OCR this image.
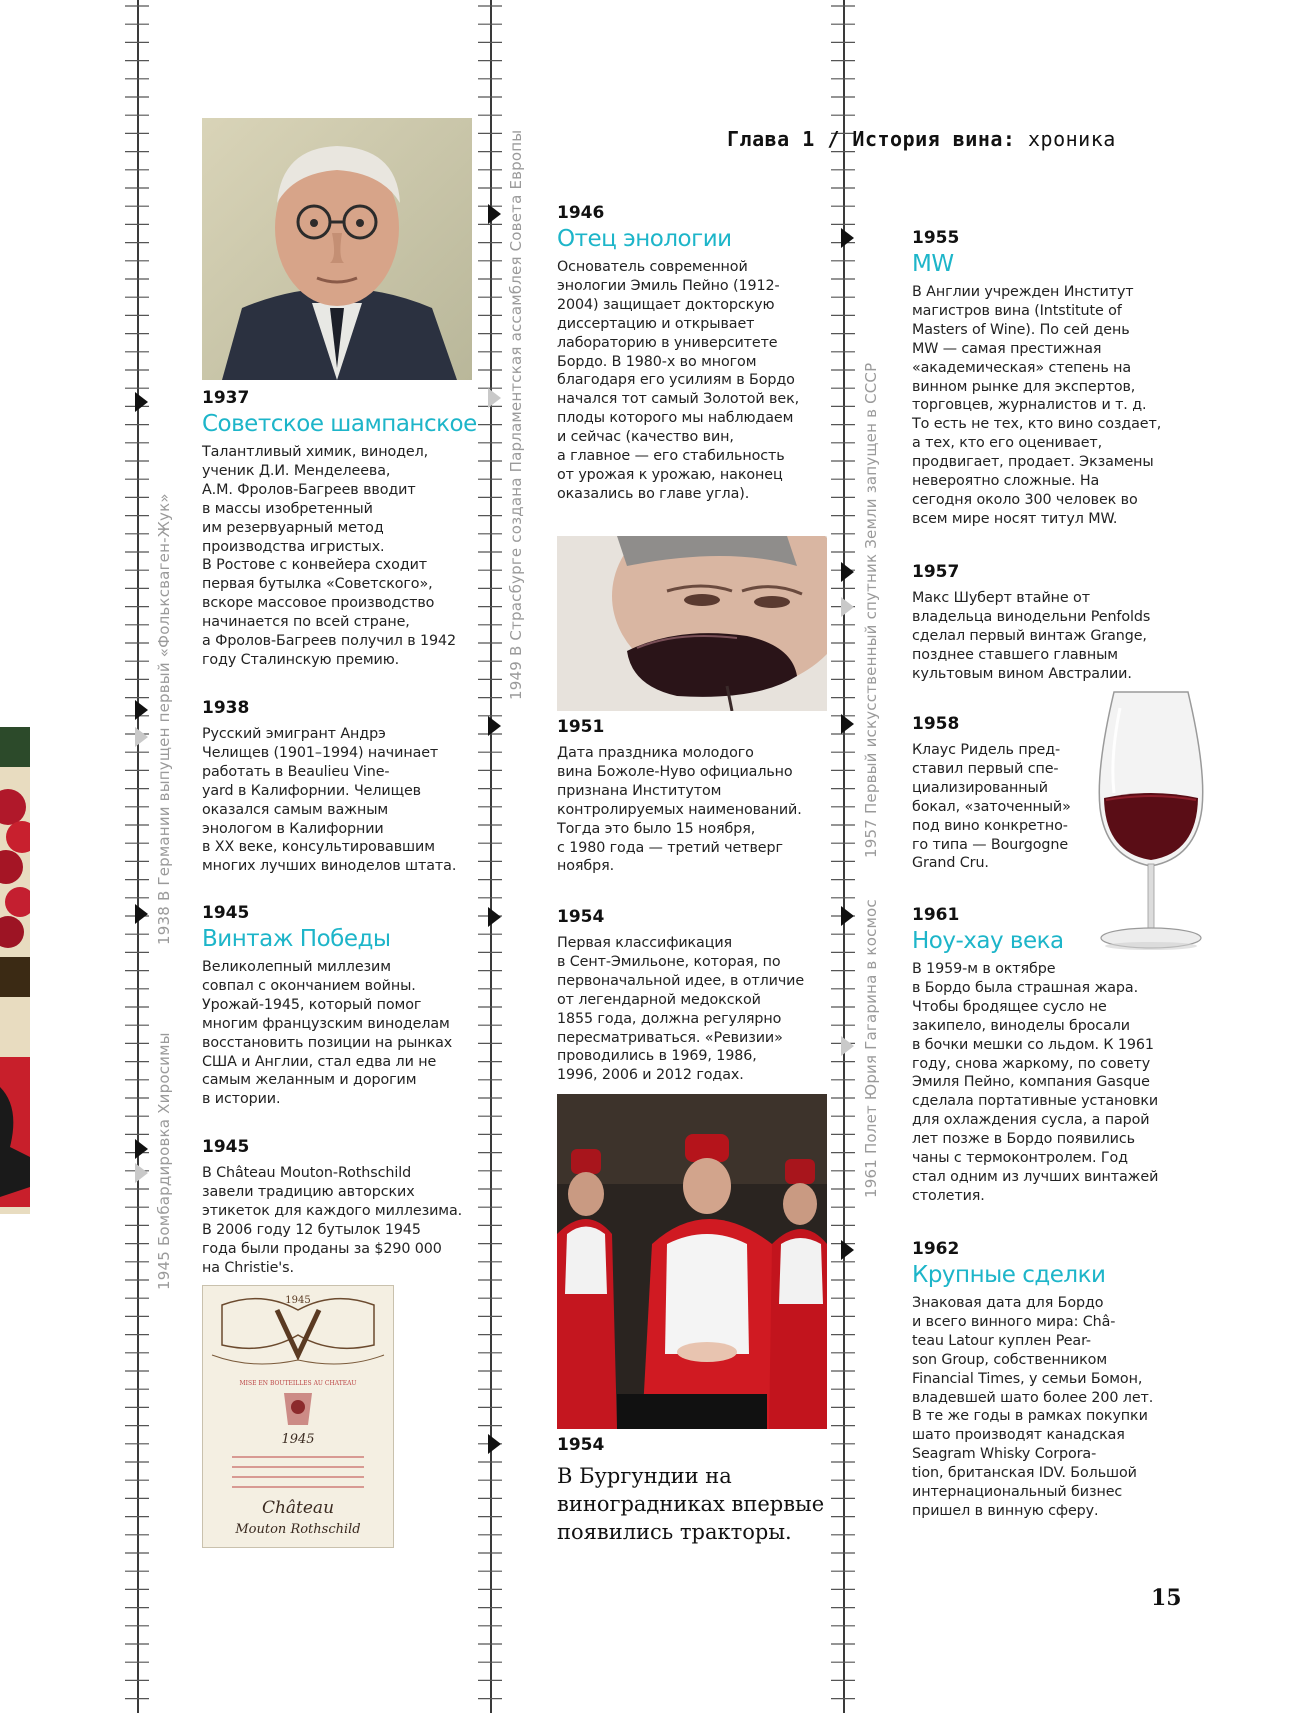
1938 В Германии выпущен первый «Фольксваген-Жук»
1945 Бомбардировка Хиросимы
1949 В Страсбурге создана Парламентская ассамблея Совета Европы	1957 Первый искусственный спутник Земли запущен в СССР
1961 Полет Юрия Гагарина в космос
1937
Советское шампанское
Талантливый химик, винодел,
ученик Д.И. Менделеева,
А.М. Фролов-Багреев вводит
в массы изобретенный
им резервуарный метод
производства игристых.
В Ростове с конвейера сходит
первая бутылка «Советского»,
вскоре массовое производство
начинается по всей стране,
а Фролов-Багреев получил в 1942
году Сталинскую премию.
1938
Русский эмигрант Андрэ
Челищев (1901–1994) начинает
работать в Beaulieu Vine-
yard в Калифорнии. Челищев
оказался самым важным
энологом в Калифорнии
в XX веке, консультировавшим
многих лучших виноделов штата.
1945
Винтаж Победы
Великолепный миллезим
совпал с окончанием войны.
Урожай-1945, который помог
многим французским виноделам
восстановить позиции на рынках
США и Англии, стал едва ли не
самым желанным и дорогим
в истории.
1945
В Château Mouton-Rothschild
завели традицию авторских
этикеток для каждого миллезима.
В 2006 году 12 бутылок 1945
года были проданы за $290 000
на Christie's.
1945
MISE EN BOUTEILLES AU CHATEAU
1945
Château
Mouton Rothschild
1946
Отец энологии
Основатель современной
энологии Эмиль Пейно (1912-
2004) защищает докторскую
диссертацию и открывает
лабораторию в университете
Бордо. В 1980-х во многом
благодаря его усилиям в Бордо
начался тот самый Золотой век,
плоды которого мы наблюдаем
и сейчас (качество вин,
а главное — его стабильность
от урожая к урожаю, наконец
оказались во главе угла).
1951
Дата праздника молодого
вина Божоле-Нуво официально
признана Институтом
контролируемых наименований.
Тогда это было 15 ноября,
с 1980 года — третий четверг
ноября.
1954
Первая классификация
в Сент-Эмильоне, которая, по
первоначальной идее, в отличие
от легендарной медокской
1855 года, должна регулярно
пересматриваться. «Ревизии»
проводились в 1969, 1986,
1996, 2006 и 2012 годах.
1954
В Бургундии на
виноградниках впервые
появились тракторы.
Глава 1 / История вина: хроника
1955
MW
В Англии учрежден Институт
магистров вина (Intstitute of
Masters of Wine). По сей день
MW — самая престижная
«академическая» степень на
винном рынке для экспертов,
торговцев, журналистов и т. д.
То есть не тех, кто вино создает,
а тех, кто его оценивает,
продвигает, продает. Экзамены
невероятно сложные. На
сегодня около 300 человек во
всем мире носят титул MW.
1957
Макс Шуберт втайне от
владельца винодельни Penfolds
сделал первый винтаж Grange,
позднее ставшего главным
культовым вином Австралии.
1958
Клаус Ридель пред-
ставил первый спе-
циализированный
бокал, «заточенный»
под вино конкретно-
го типа — Bourgogne
Grand Cru.
1961
Ноу-хау века
В 1959-м в октябре
в Бордо была страшная жара.
Чтобы бродящее сусло не
закипело, виноделы бросали
в бочки мешки со льдом. К 1961
году, снова жаркому, по совету
Эмиля Пейно, компания Gasque
сделала портативные установки
для охлаждения сусла, а парой
лет позже в Бордо появились
чаны с термоконтролем. Год
стал одним из лучших винтажей
столетия.
1962
Крупные сделки
Знаковая дата для Бордо
и всего винного мира: Châ-
teau Latour куплен Pear-
son Group, собственником
Financial Times, у семьи Бомон,
владевшей шато более 200 лет.
В те же годы в рамках покупки
шато производят канадская
Seagram Whisky Corpora-
tion, британская IDV. Большой
интернациональный бизнес
пришел в винную сферу.
15
